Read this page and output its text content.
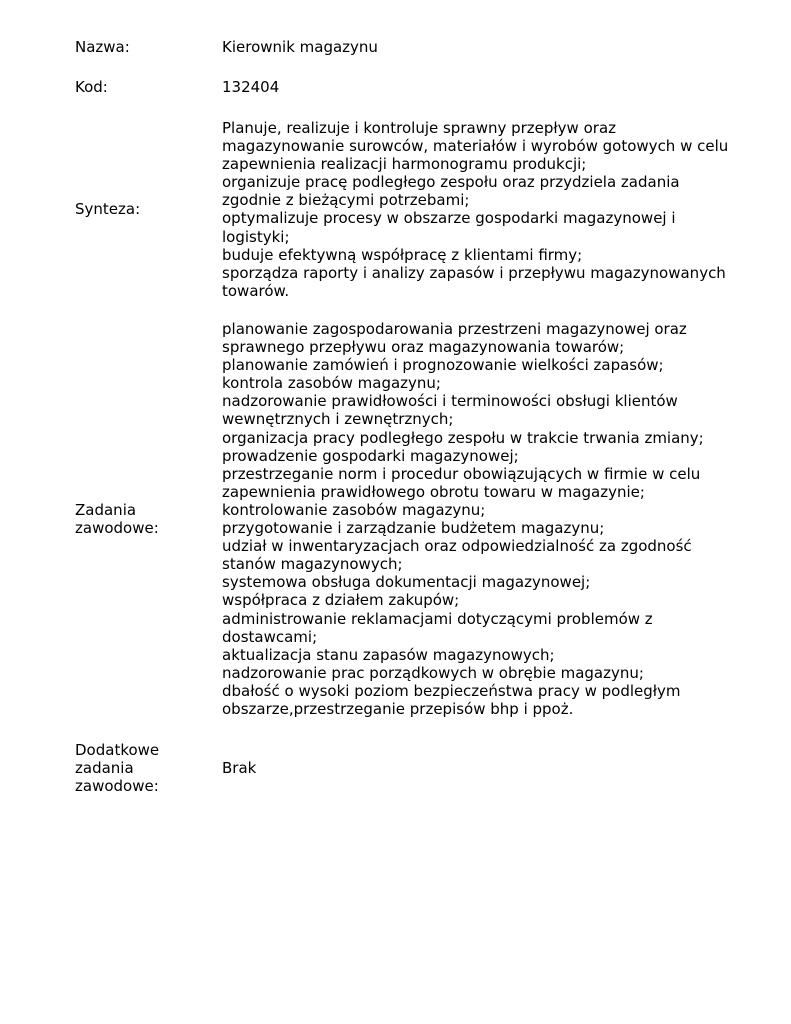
Nazwa:	Kierownik magazynu
Kod:	132404
Synteza:
Planuje, realizuje i kontroluje sprawny przepływ oraz
magazynowanie surowców, materiałów i wyrobów gotowych w celu
zapewnienia realizacji harmonogramu produkcji;
organizuje pracę podległego zespołu oraz przydziela zadania
zgodnie z bieżącymi potrzebami;
optymalizuje procesy w obszarze gospodarki magazynowej i
logistyki;
buduje efektywną współpracę z klientami firmy;
sporządza raporty i analizy zapasów i przepływu magazynowanych
towarów.
Zadania
zawodowe:
planowanie zagospodarowania przestrzeni magazynowej oraz
sprawnego przepływu oraz magazynowania towarów;
planowanie zamówień i prognozowanie wielkości zapasów;
kontrola zasobów magazynu;
nadzorowanie prawidłowości i terminowości obsługi klientów
wewnętrznych i zewnętrznych;
organizacja pracy podległego zespołu w trakcie trwania zmiany;
prowadzenie gospodarki magazynowej;
przestrzeganie norm i procedur obowiązujących w firmie w celu
zapewnienia prawidłowego obrotu towaru w magazynie;
kontrolowanie zasobów magazynu;
przygotowanie i zarządzanie budżetem magazynu;
udział w inwentaryzacjach oraz odpowiedzialność za zgodność
stanów magazynowych;
systemowa obsługa dokumentacji magazynowej;
współpraca z działem zakupów;
administrowanie reklamacjami dotyczącymi problemów z
dostawcami;
aktualizacja stanu zapasów magazynowych;
nadzorowanie prac porządkowych w obrębie magazynu;
dbałość o wysoki poziom bezpieczeństwa pracy w podległym
obszarze,przestrzeganie przepisów bhp i ppoż.
Dodatkowe
zadania
zawodowe:
Brak
